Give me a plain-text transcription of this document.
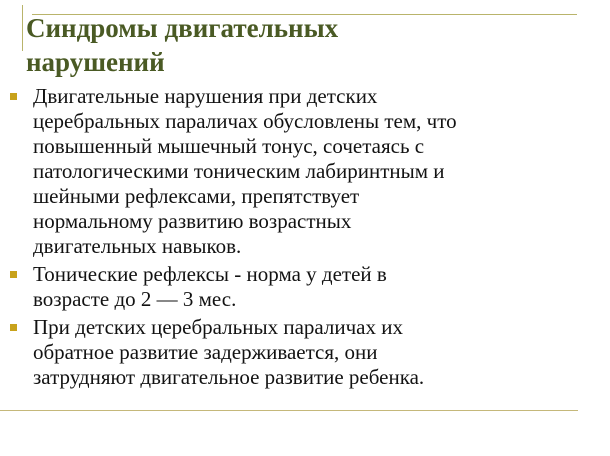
Синдромы двигательных
нарушений
Двигательные нарушения при детских
церебральных параличах обусловлены тем, что
повышенный мышечный тонус, сочетаясь с
патологическими тоническим лабиринтным и
шейными рефлексами, препятствует
нормальному развитию возрастных
двигательных навыков.
Тонические рефлексы - норма у детей в
возрасте до 2 — 3 мес.
При детских церебральных параличах их
обратное развитие задерживается, они
затрудняют двигательное развитие ребенка.
